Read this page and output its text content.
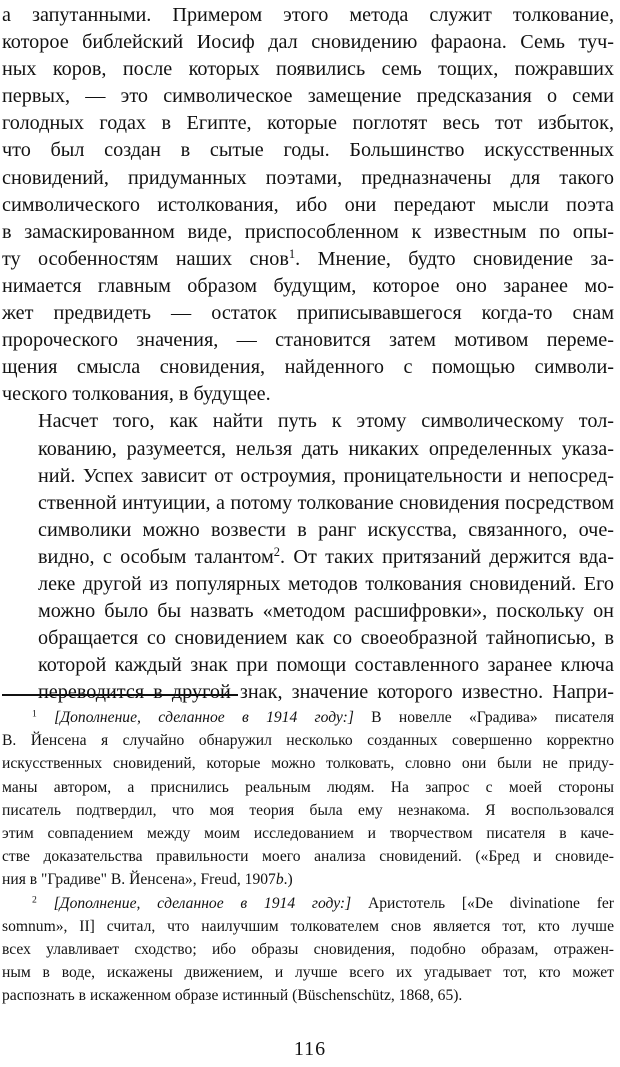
а запутанными. Примером этого метода служит толкование,
которое библейский Иосиф дал сновидению фараона. Семь туч-
ных коров, после которых появились семь тощих, пожравших
первых, — это символическое замещение предсказания о семи
голодных годах в Египте, которые поглотят весь тот избыток,
что был создан в сытые годы. Большинство искусственных
сновидений, придуманных поэтами, предназначены для такого
символического истолкования, ибо они передают мысли поэта
в замаскированном виде, приспособленном к известным по опы-
ту особенностям наших снов$^1$. Мнение, будто сновидение за-
нимается главным образом будущим, которое оно заранее мо-
жет предвидеть — остаток приписывавшегося когда-то снам
пророческого значения, — становится затем мотивом переме-
щения смысла сновидения, найденного с помощью символи-
ческого толкования, в будущее.

Насчет того, как найти путь к этому символическому тол-
кованию, разумеется, нельзя дать никаких определенных указа-
ний. Успех зависит от остроумия, проницательности и непосред-
ственной интуиции, а потому толкование сновидения посредством
символики можно возвести в ранг искусства, связанного, оче-
видно, с особым талантом$^2$. От таких притязаний держится вда-
леке другой из популярных методов толкования сновидений. Его
можно было бы назвать «методом расшифровки», поскольку он
обращается со сновидением как со своеобразной тайнописью, в
которой каждый знак при помощи составленного заранее ключа
переводится в другой знак, значение которого известно. Напри-

$^1$ [Дополнение, сделанное в 1914 году:] В новелле «Градива» писателя
В. Йенсена я случайно обнаружил несколько созданных совершенно корректно
искусственных сновидений, которые можно толковать, словно они были не приду-
маны автором, а приснились реальным людям. На запрос с моей стороны
писатель подтвердил, что моя теория была ему незнакома. Я воспользовался
этим совпадением между моим исследованием и творчеством писателя в каче-
стве доказательства правильности моего анализа сновидений. («Бред и сновиде-
ния в "Градиве" В. Йенсена», Freud, 1907b.)
$^2$ [Дополнение, сделанное в 1914 году:] Аристотель [«De divinatione fer
somnum», II] считал, что наилучшим толкователем снов является тот, кто лучше
всех улавливает сходство; ибо образы сновидения, подобно образам, отражен-
ным в воде, искажены движением, и лучше всего их угадывает тот, кто может
распознать в искаженном образе истинный (Büschenschütz, 1868, 65).
116
